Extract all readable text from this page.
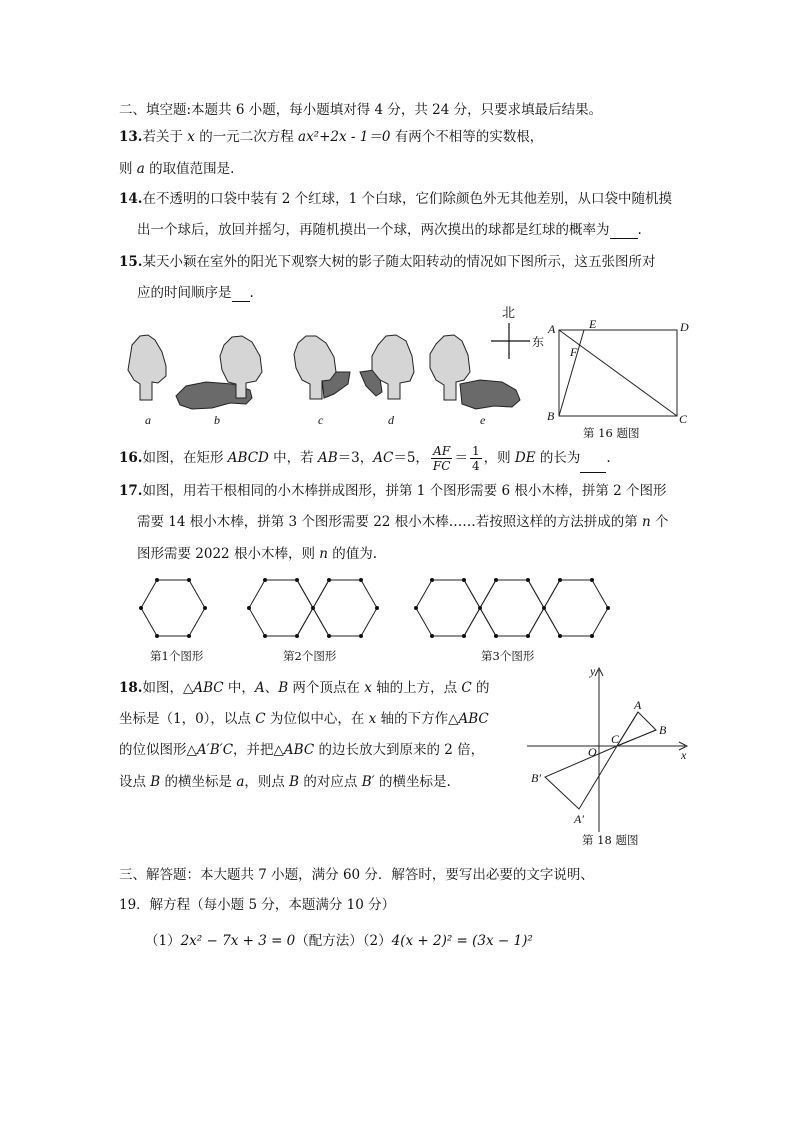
二、填空题:本题共 6 小题，每小题填对得 4 分，共 24 分，只要求填最后结果。
13.若关于 x 的一元二次方程 ax²+2x - 1＝0 有两个不相等的实数根，
则 a 的取值范围是.
14.在不透明的口袋中装有 2 个红球，1 个白球，它们除颜色外无其他差别，从口袋中随机摸
出一个球后，放回并摇匀，再随机摸出一个球，两次摸出的球都是红球的概率为 .
15.某天小颖在室外的阳光下观察大树的影子随太阳转动的情况如下图所示，这五张图所对
应的时间顺序是 .
a	b	c	d	e
北
东
A	E	D
F
B	C
第 16 题图
16.如图，在矩形 ABCD 中，若 AB＝3，AC＝5， $\frac{AF}{FC} = \frac{1}{4}$ ，则 DE 的长为 .
17.如图，用若干根相同的小木棒拼成图形，拼第 1 个图形需要 6 根小木棒，拼第 2 个图形
需要 14 根小木棒，拼第 3 个图形需要 22 根小木棒……若按照这样的方法拼成的第 n 个
图形需要 2022 根小木棒，则 n 的值为.
第1个图形	第2个图形	第3个图形
18.如图，△ABC 中，A、B 两个顶点在 x 轴的上方，点 C 的
坐标是（1，0），以点 C 为位似中心，在 x 轴的下方作△ABC
的位似图形△A′B′C，并把△ABC 的边长放大到原来的 2 倍，
设点 B 的横坐标是 a，则点 B 的对应点 B′ 的横坐标是.
y
x
O
C
A
B
B′
A′
第 18 题图
三、解答题：本大题共 7 小题，满分 60 分．解答时，要写出必要的文字说明、
19．解方程（每小题 5 分，本题满分 10 分）
（1）2x² − 7x + 3 = 0（配方法）（2）4(x + 2)² = (3x − 1)²
